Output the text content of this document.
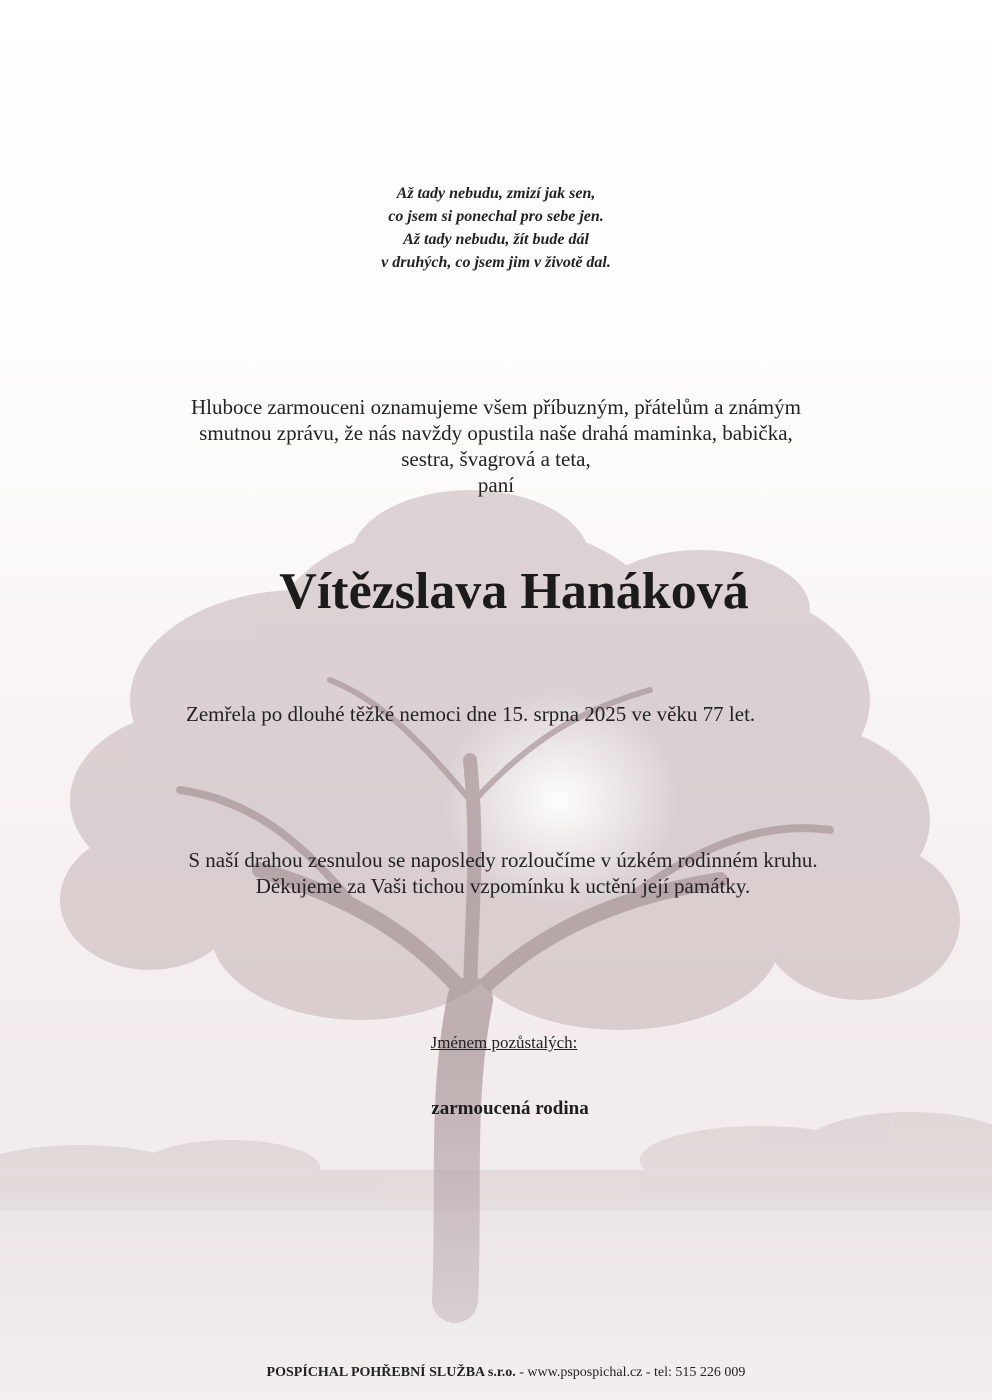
Až tady nebudu, zmizí jak sen,
co jsem si ponechal pro sebe jen.
Až tady nebudu, žít bude dál
v druhých, co jsem jim v životě dal.
Hluboce zarmouceni oznamujeme všem příbuzným, přátelům a známým
smutnou zprávu, že nás navždy opustila naše drahá maminka, babička,
sestra, švagrová a teta,
paní
Vítězslava Hanáková
Zemřela po dlouhé těžké nemoci dne 15. srpna 2025 ve věku 77 let.
S naší drahou zesnulou se naposledy rozloučíme v úzkém rodinném kruhu.
Děkujeme za Vaši tichou vzpomínku k uctění její památky.
Jménem pozůstalých:
zarmoucená rodina
POSPÍCHAL POHŘEBNÍ SLUŽBA s.r.o. - www.pspospichal.cz - tel: 515 226 009
